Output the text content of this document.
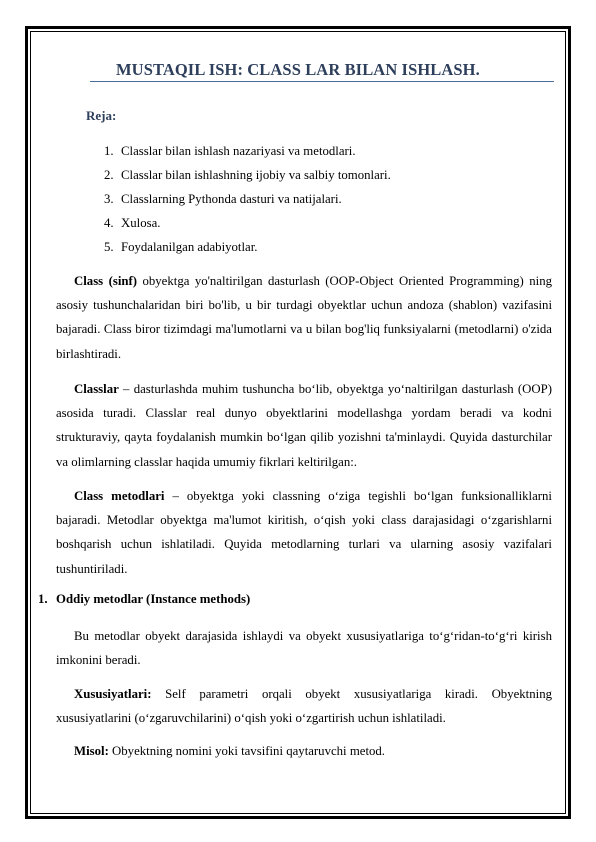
MUSTAQIL ISH: CLASS LAR BILAN ISHLASH.
Reja:
1. Classlar bilan ishlash nazariyasi va metodlari.
2. Classlar bilan ishlashning ijobiy va salbiy tomonlari.
3. Classlarning Pythonda dasturi va natijalari.
4. Xulosa.
5. Foydalanilgan adabiyotlar.
Class (sinf) obyektga yo'naltirilgan dasturlash (OOP-Object Oriented Programming) ning asosiy tushunchalaridan biri bo'lib, u bir turdagi obyektlar uchun andoza (shablon) vazifasini bajaradi. Class biror tizimdagi ma'lumotlarni va u bilan bog'liq funksiyalarni (metodlarni) o'zida birlashtiradi.
Classlar – dasturlashda muhim tushuncha bo‘lib, obyektga yo‘naltirilgan dasturlash (OOP) asosida turadi. Classlar real dunyo obyektlarini modellashga yordam beradi va kodni strukturaviy, qayta foydalanish mumkin bo‘lgan qilib yozishni ta'minlaydi. Quyida dasturchilar va olimlarning classlar haqida umumiy fikrlari keltirilgan:.
Class metodlari – obyektga yoki classning o‘ziga tegishli bo‘lgan funksionalliklarni bajaradi. Metodlar obyektga ma'lumot kiritish, o‘qish yoki class darajasidagi o‘zgarishlarni boshqarish uchun ishlatiladi. Quyida metodlarning turlari va ularning asosiy vazifalari tushuntiriladi.
1. Oddiy metodlar (Instance methods)
Bu metodlar obyekt darajasida ishlaydi va obyekt xususiyatlariga to‘g‘ridan-to‘g‘ri kirish imkonini beradi.
Xususiyatlari: Self parametri orqali obyekt xususiyatlariga kiradi. Obyektning xususiyatlarini (o‘zgaruvchilarini) o‘qish yoki o‘zgartirish uchun ishlatiladi.
Misol: Obyektning nomini yoki tavsifini qaytaruvchi metod.
